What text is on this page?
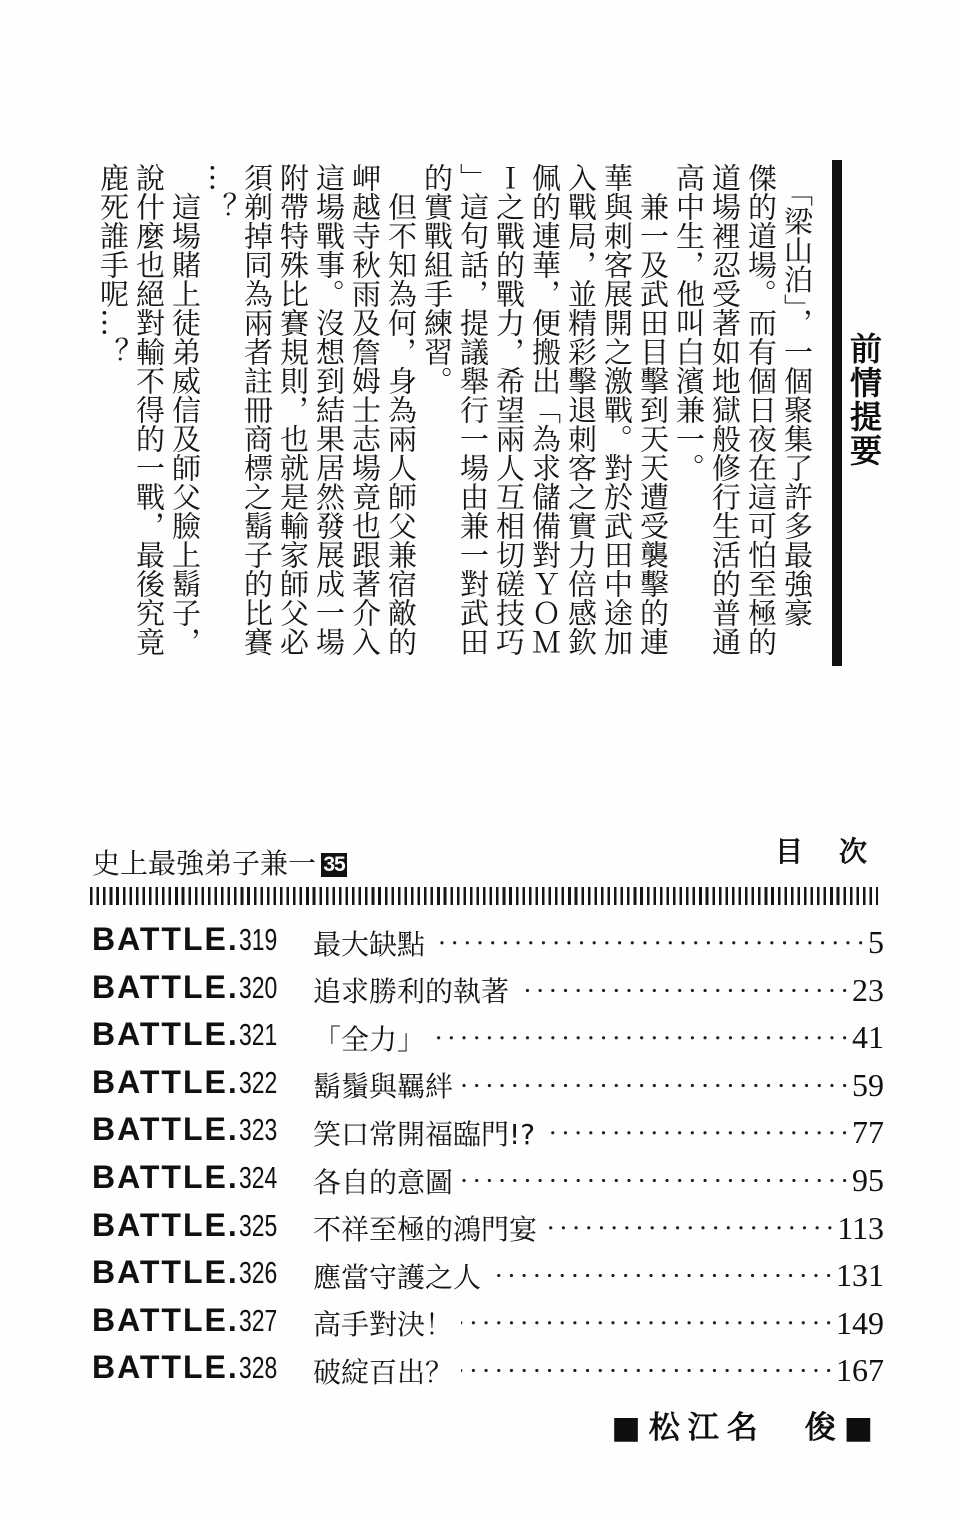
前情提要
　「梁山泊」，一個聚集了許多最強豪
傑的道場。而有個日夜在這可怕至極的
道場裡忍受著如地獄般修行生活的普通
高中生，他叫白濱兼一。
　兼一及武田目擊到天天遭受襲擊的連
華與刺客展開之激戰。對於武田中途加
入戰局，並精彩擊退刺客之實力倍感欽
佩的連華，便搬出「為求儲備對ＹＯＭ
Ｉ之戰的戰力，希望兩人互相切磋技巧
」這句話，提議舉行一場由兼一對武田
的實戰組手練習。
　但不知為何，身為兩人師父兼宿敵的
岬越寺秋雨及詹姆士志場竟也跟著介入
這場戰事。沒想到結果居然發展成一場
附帶特殊比賽規則，也就是輸家師父必
須剃掉同為兩者註冊商標之鬍子的比賽
…？
　這場賭上徒弟威信及師父臉上鬍子，
說什麼也絕對輸不得的一戰，最後究竟
鹿死誰手呢…？
史上最強弟子兼一 35	目　次
BATTLE.319	最大缺點	5
BATTLE.320	追求勝利的執著	23
BATTLE.321	「全力」	41
BATTLE.322	鬍鬚與羈絆	59
BATTLE.323	笑口常開福臨門!?	77
BATTLE.324	各自的意圖	95
BATTLE.325	不祥至極的鴻門宴	113
BATTLE.326	應當守護之人	131
BATTLE.327	高手對決！	149
BATTLE.328	破綻百出？	167
■松江名　俊■
